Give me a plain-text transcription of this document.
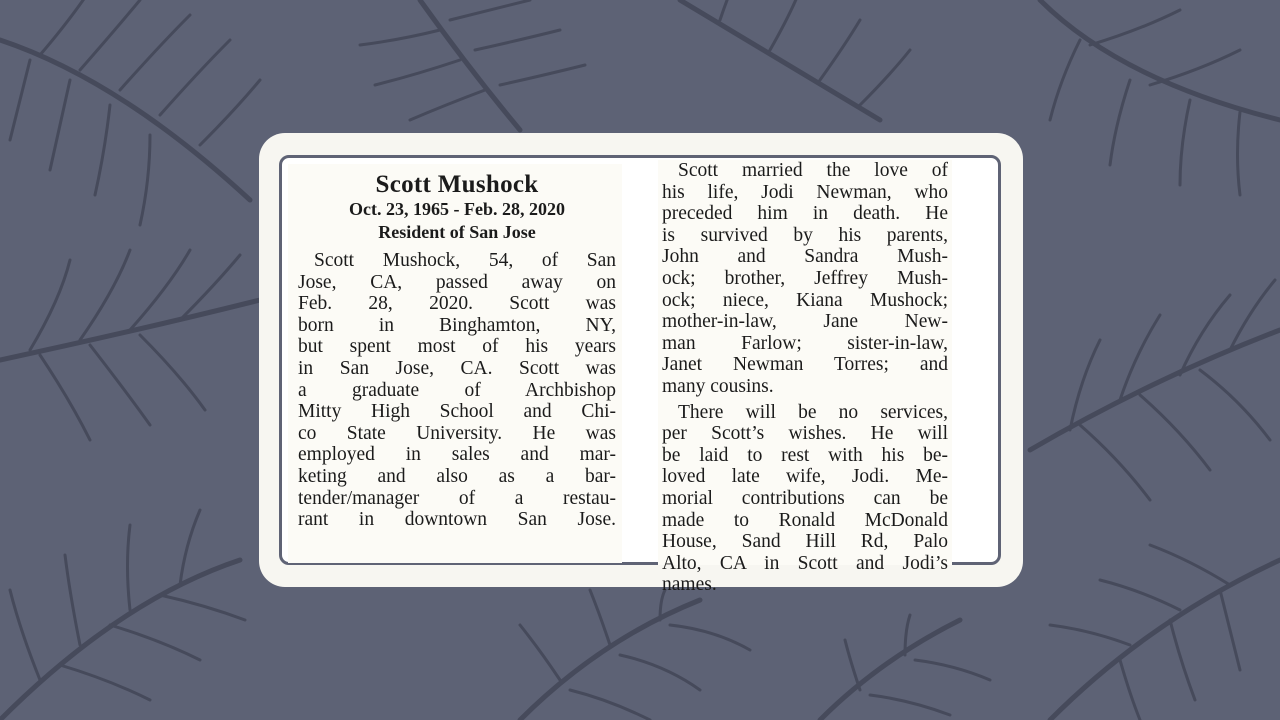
Scott Mushock

Oct. 23, 1965 - Feb. 28, 2020

Resident of San Jose

Scott Mushock, 54, of San
Jose, CA, passed away on
Feb. 28, 2020. Scott was
born in Binghamton, NY,
but spent most of his years
in San Jose, CA. Scott was
a graduate of Archbishop
Mitty High School and Chi-
co State University. He was
employed in sales and mar-
keting and also as a bar-
tender/manager of a restau-
rant in downtown San Jose.
Scott married the love of
his life, Jodi Newman, who
preceded him in death. He
is survived by his parents,
John and Sandra Mush-
ock; brother, Jeffrey Mush-
ock; niece, Kiana Mushock;
mother-in-law, Jane New-
man Farlow; sister-in-law,
Janet Newman Torres; and
many cousins.
There will be no services,
per Scott’s wishes. He will
be laid to rest with his be-
loved late wife, Jodi. Me-
morial contributions can be
made to Ronald McDonald
House, Sand Hill Rd, Palo
Alto, CA in Scott and Jodi’s
names.
